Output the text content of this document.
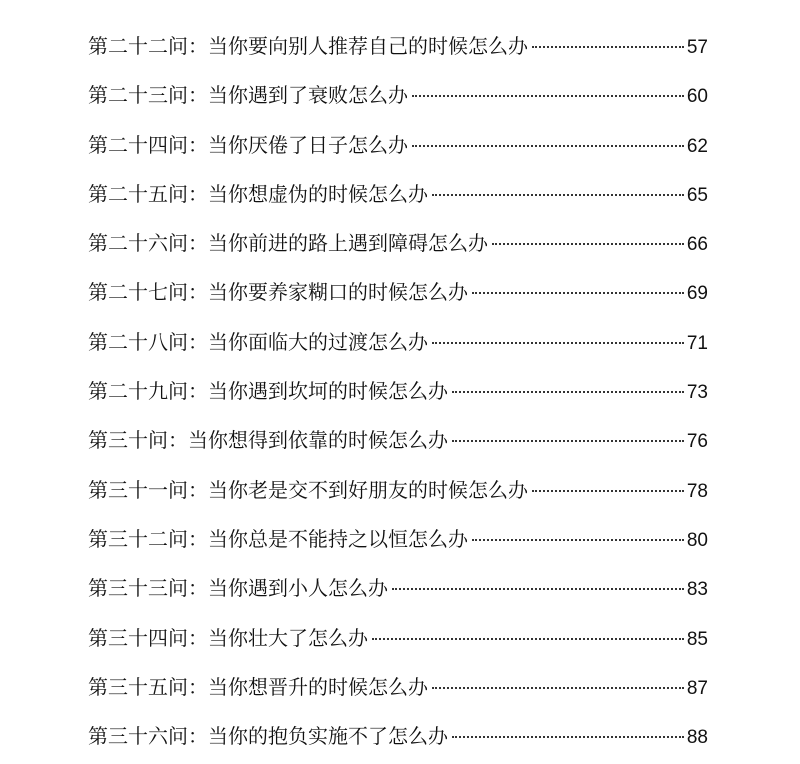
第二十二问：当你要向别人推荐自己的时候怎么办	57
第二十三问：当你遇到了衰败怎么办	60
第二十四问：当你厌倦了日子怎么办	62
第二十五问：当你想虚伪的时候怎么办	65
第二十六问：当你前进的路上遇到障碍怎么办	66
第二十七问：当你要养家糊口的时候怎么办	69
第二十八问：当你面临大的过渡怎么办	71
第二十九问：当你遇到坎坷的时候怎么办	73
第三十问：当你想得到依靠的时候怎么办	76
第三十一问：当你老是交不到好朋友的时候怎么办	78
第三十二问：当你总是不能持之以恒怎么办	80
第三十三问：当你遇到小人怎么办	83
第三十四问：当你壮大了怎么办	85
第三十五问：当你想晋升的时候怎么办	87
第三十六问：当你的抱负实施不了怎么办	88
